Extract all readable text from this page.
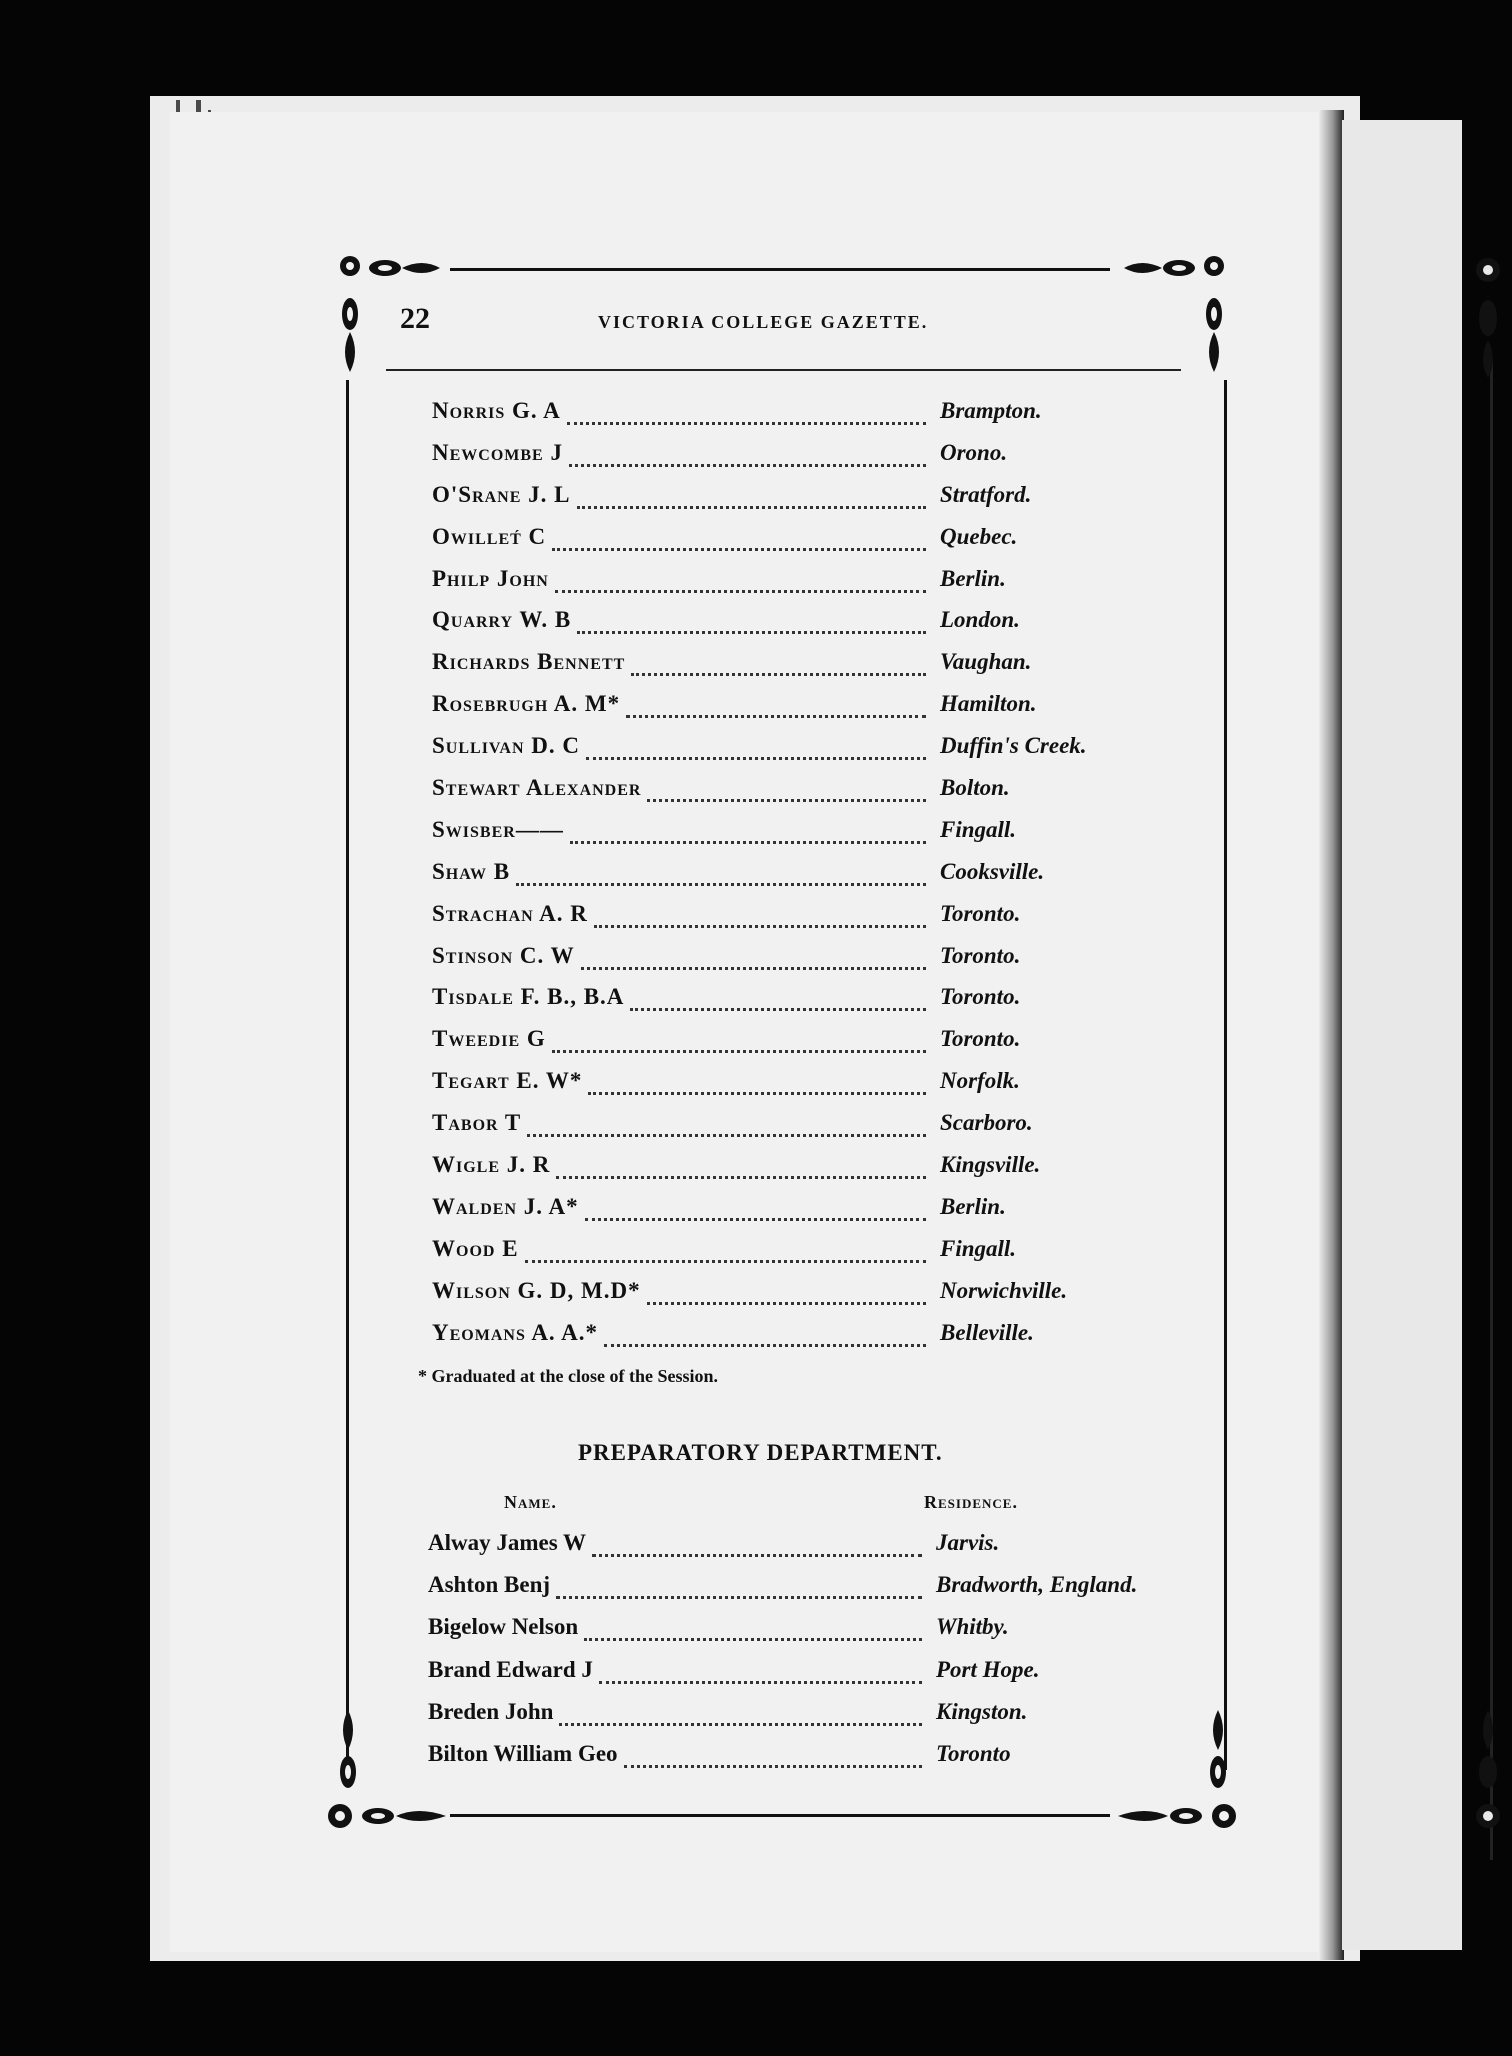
22	VICTORIA COLLEGE GAZETTE.
Norris G. A	Brampton.
Newcombe J	Orono.
O'Srane J. L	Stratford.
Owillet́ C	Quebec.
Philp John	Berlin.
Quarry W. B	London.
Richards Bennett	Vaughan.
Rosebrugh A. M*	Hamilton.
Sullivan D. C	Duffin's Creek.
Stewart Alexander	Bolton.
Swisber——	Fingall.
Shaw B	Cooksville.
Strachan A. R	Toronto.
Stinson C. W	Toronto.
Tisdale F. B., B.A	Toronto.
Tweedie G	Toronto.
Tegart E. W*	Norfolk.
Tabor T	Scarboro.
Wigle J. R	Kingsville.
Walden J. A*	Berlin.
Wood E	Fingall.
Wilson G. D, M.D*	Norwichville.
Yeomans A. A.*	Belleville.
* Graduated at the close of the Session.
PREPARATORY DEPARTMENT.
Name.	Residence.
Alway James W	Jarvis.
Ashton Benj	Bradworth, England.
Bigelow Nelson	Whitby.
Brand Edward J	Port Hope.
Breden John	Kingston.
Bilton William Geo	Toronto
